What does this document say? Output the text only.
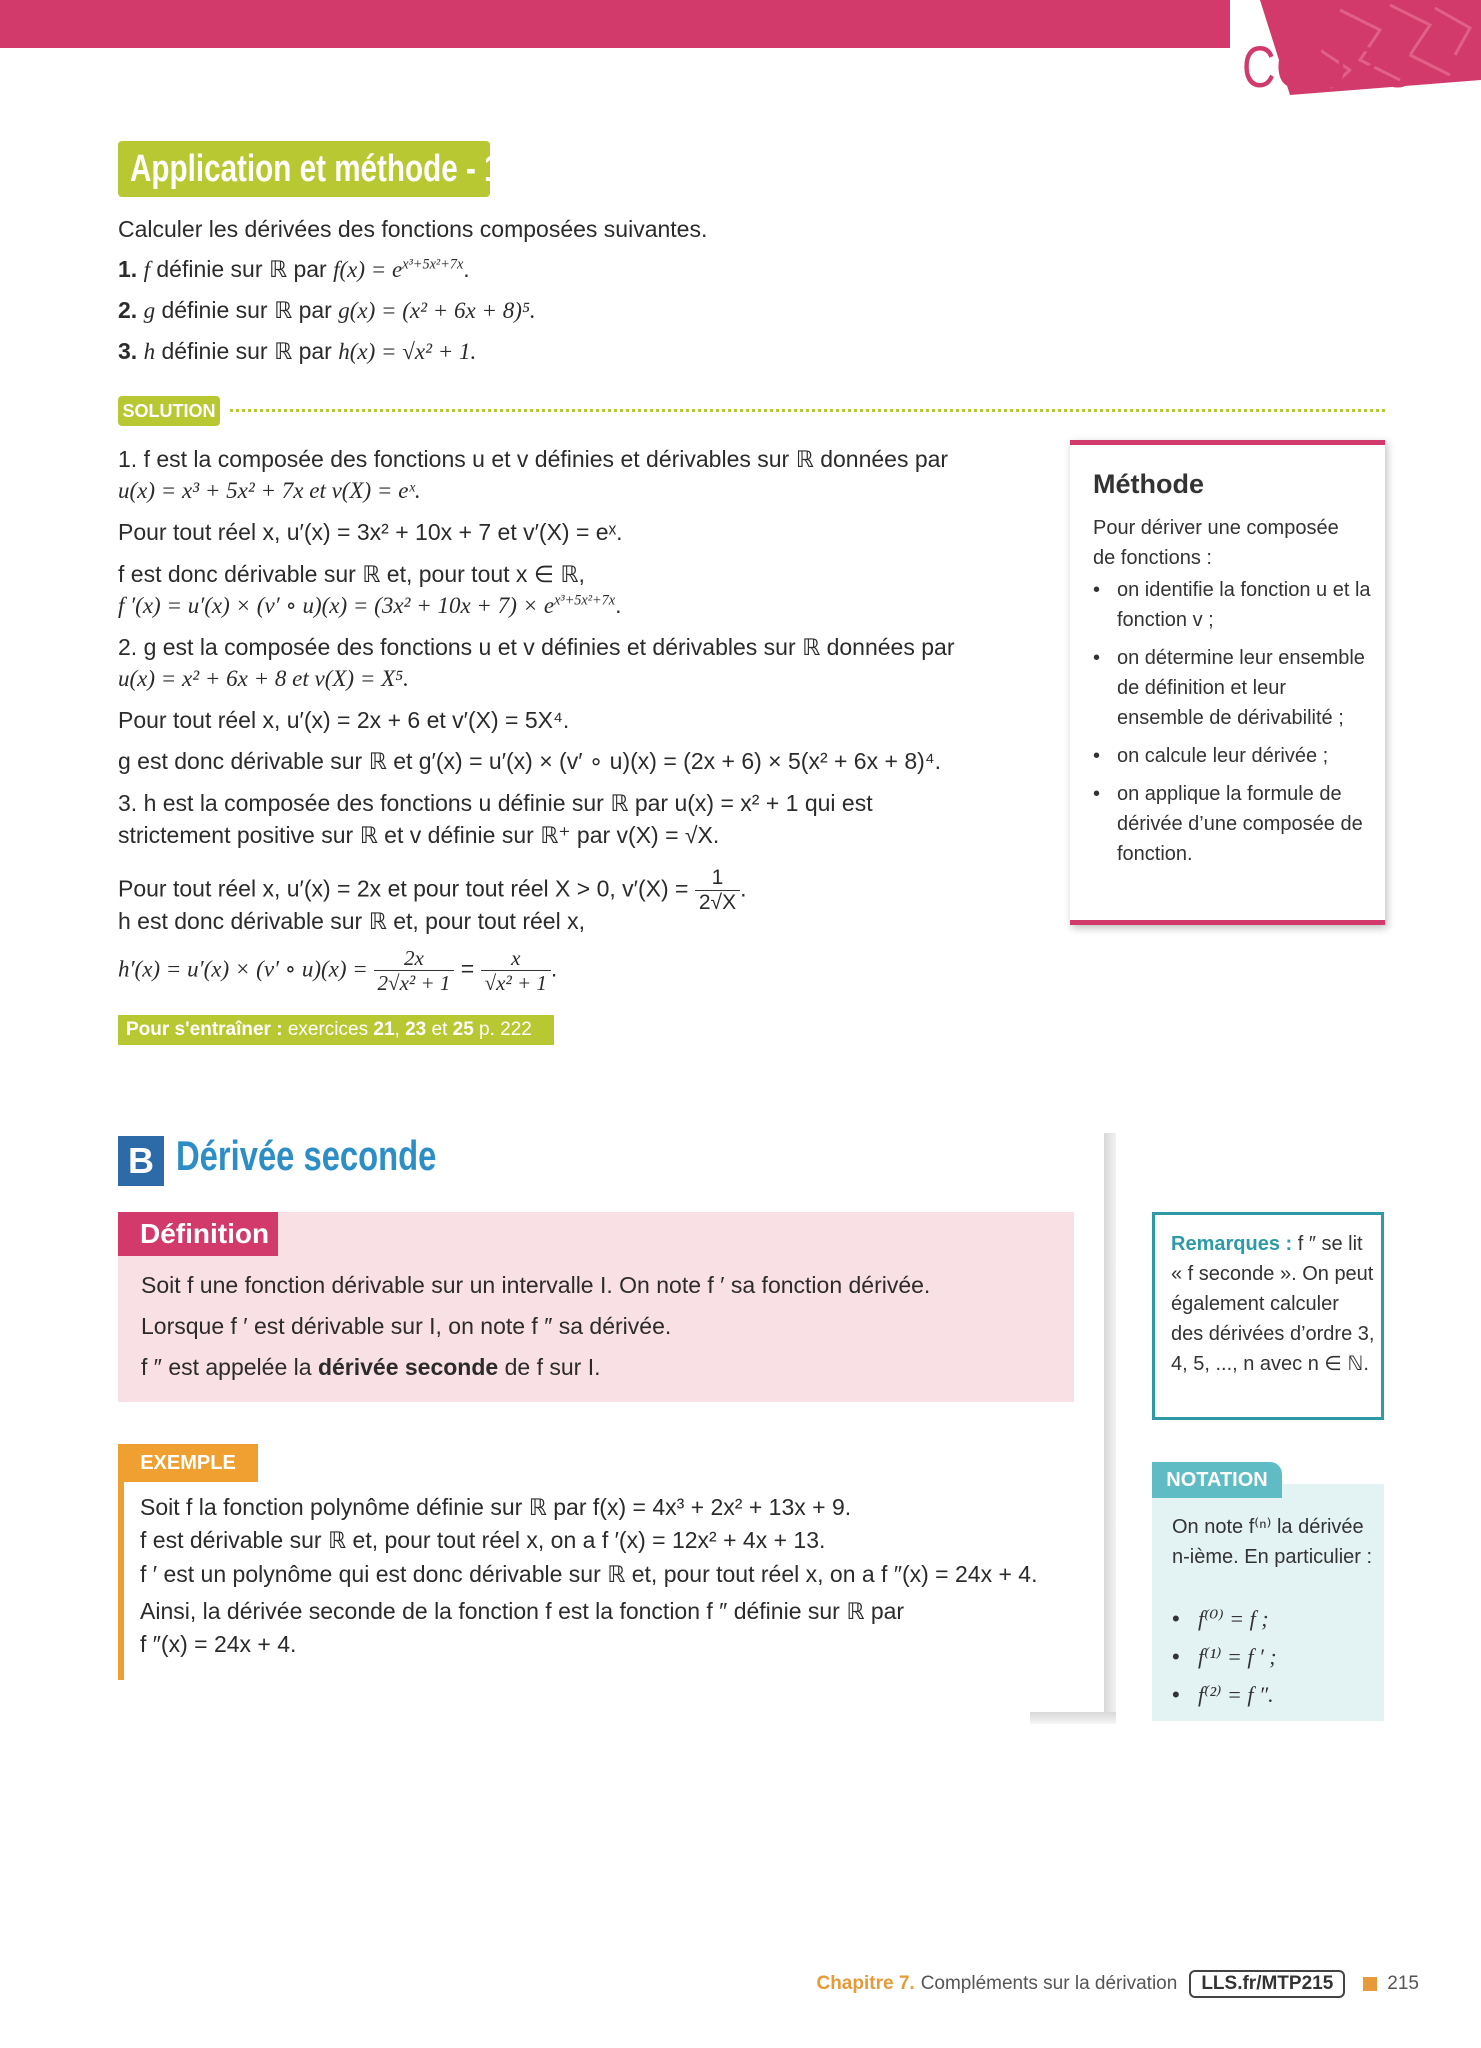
COURS
Application et méthode - 1
Calculer les dérivées des fonctions composées suivantes.
1. f définie sur ℝ par $f(x) = e^{x^3+5x^2+7x}$.
2. g définie sur ℝ par g(x) = (x² + 6x + 8)⁵.
3. h définie sur ℝ par h(x) = √x² + 1.
SOLUTION
1. f est la composée des fonctions u et v définies et dérivables sur ℝ données par
u(x) = x³ + 5x² + 7x et v(X) = eˣ.
Pour tout réel x, u′(x) = 3x² + 10x + 7 et v′(X) = eˣ.
f est donc dérivable sur ℝ et, pour tout x ∈ ℝ,
f ′(x) = u′(x) × (v′ ∘ $u)(x) = (3x^2 + 10x + 7) \times e^{x^3+5x^2+7x}$.
2. g est la composée des fonctions u et v définies et dérivables sur ℝ données par
u(x) = x² + 6x + 8 et v(X) = X⁵.
Pour tout réel x, u′(x) = 2x + 6 et v′(X) = 5X⁴.
g est donc dérivable sur ℝ et g′(x) = u′(x) × (v′ ∘ u)(x) = (2x + 6) × 5(x² + 6x + 8)⁴.
3. h est la composée des fonctions u définie sur ℝ par u(x) = x² + 1 qui est
strictement positive sur ℝ et v définie sur ℝ⁺ par v(X) = √X.
Pour tout réel x, u′(x) = 2x et pour tout réel X > 0, $v'(X) = \frac{1}{2√X}$ .
h est donc dérivable sur ℝ et, pour tout réel x,
h′(x) = u′(x) × (v′ ∘ $u)(x) = \frac{2x}{\text{2√x² + 1}} = \frac{x}{\text{√x² + 1}}$ .
Pour s'entraîner : exercices 21, 23 et 25 p. 222
Méthode
Pour dériver une composée de fonctions :
• on identifie la fonction u et la fonction v ;
• on détermine leur ensemble de définition et leur ensemble de dérivabilité ;
• on calcule leur dérivée ;
• on applique la formule de dérivée d’une composée de fonction.
B Dérivée seconde
Définition
Soit f une fonction dérivable sur un intervalle I. On note f ′ sa fonction dérivée.
Lorsque f ′ est dérivable sur I, on note f ″ sa dérivée.
f ″ est appelée la dérivée seconde de f sur I.
EXEMPLE
Soit f la fonction polynôme définie sur ℝ par f(x) = 4x³ + 2x² + 13x + 9.
f est dérivable sur ℝ et, pour tout réel x, on a f ′(x) = 12x² + 4x + 13.
f ′ est un polynôme qui est donc dérivable sur ℝ et, pour tout réel x, on a f ″(x) = 24x + 4.
Ainsi, la dérivée seconde de la fonction f est la fonction f ″ définie sur ℝ par
f ″(x) = 24x + 4.
Remarques : f ″ se lit « f seconde ». On peut également calculer des dérivées d’ordre 3, 4, 5, ..., n avec n ∈ ℕ.
NOTATION
On note f⁽ⁿ⁾ la dérivée n-ième. En particulier :
• f⁽⁰⁾ = f ;
• f⁽¹⁾ = f ′ ;
• f⁽²⁾ = f ″.
Chapitre 7. Compléments sur la dérivation	LLS.fr/MTP215	215
